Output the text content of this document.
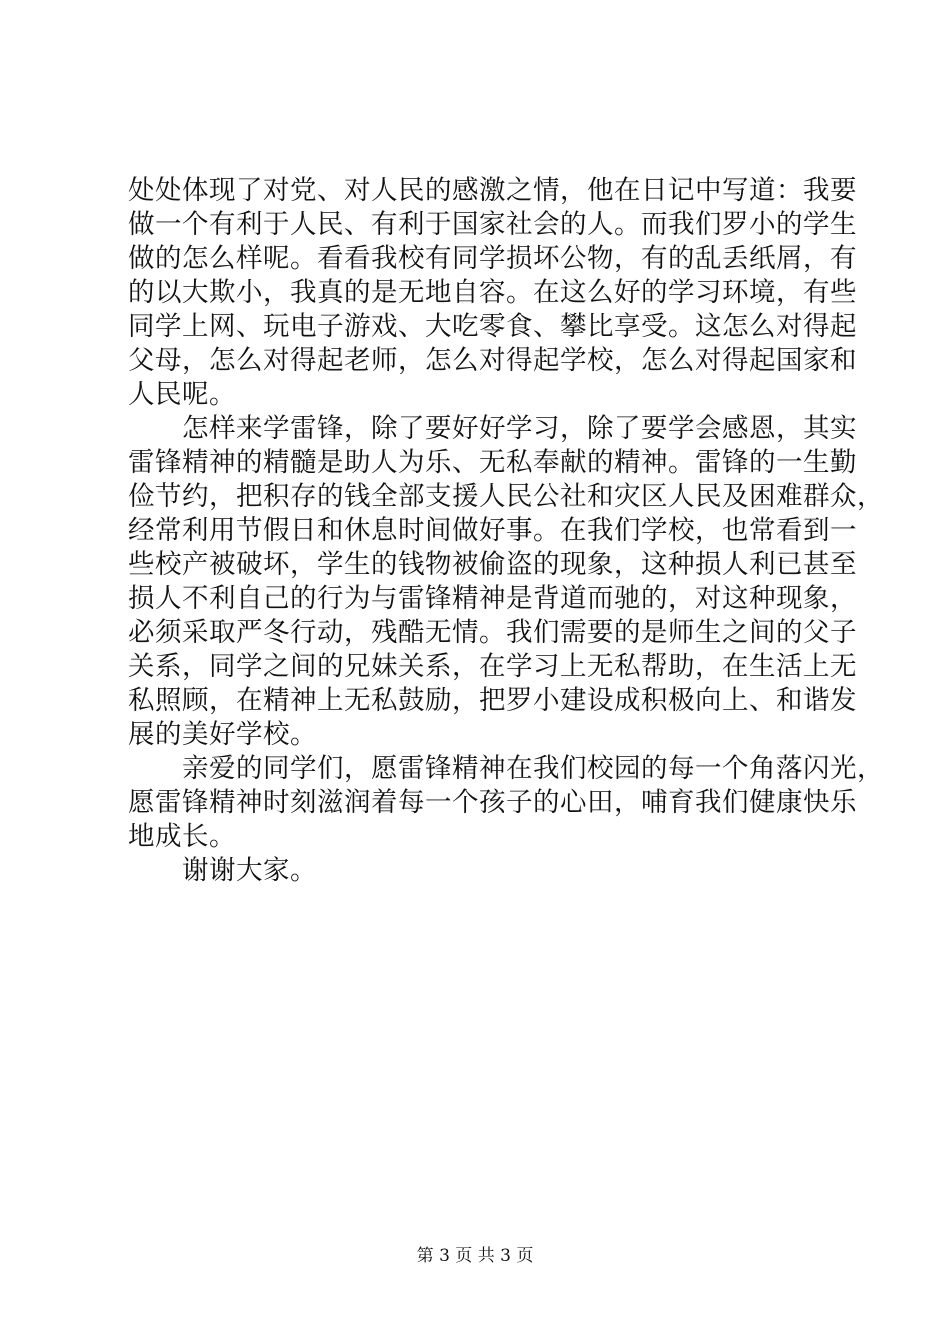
处处体现了对党、对人民的感激之情，他在日记中写道：我要
做一个有利于人民、有利于国家社会的人。而我们罗小的学生
做的怎么样呢。看看我校有同学损坏公物，有的乱丢纸屑，有
的以大欺小，我真的是无地自容。在这么好的学习环境，有些
同学上网、玩电子游戏、大吃零食、攀比享受。这怎么对得起
父母，怎么对得起老师，怎么对得起学校，怎么对得起国家和
人民呢。
怎样来学雷锋，除了要好好学习，除了要学会感恩，其实
雷锋精神的精髓是助人为乐、无私奉献的精神。雷锋的一生勤
俭节约，把积存的钱全部支援人民公社和灾区人民及困难群众，
经常利用节假日和休息时间做好事。在我们学校，也常看到一
些校产被破坏，学生的钱物被偷盗的现象，这种损人利已甚至
损人不利自己的行为与雷锋精神是背道而驰的，对这种现象，
必须采取严冬行动，残酷无情。我们需要的是师生之间的父子
关系，同学之间的兄妹关系，在学习上无私帮助，在生活上无
私照顾，在精神上无私鼓励，把罗小建设成积极向上、和谐发
展的美好学校。
亲爱的同学们，愿雷锋精神在我们校园的每一个角落闪光，
愿雷锋精神时刻滋润着每一个孩子的心田，哺育我们健康快乐
地成长。
谢谢大家。
第 3 页 共 3 页
